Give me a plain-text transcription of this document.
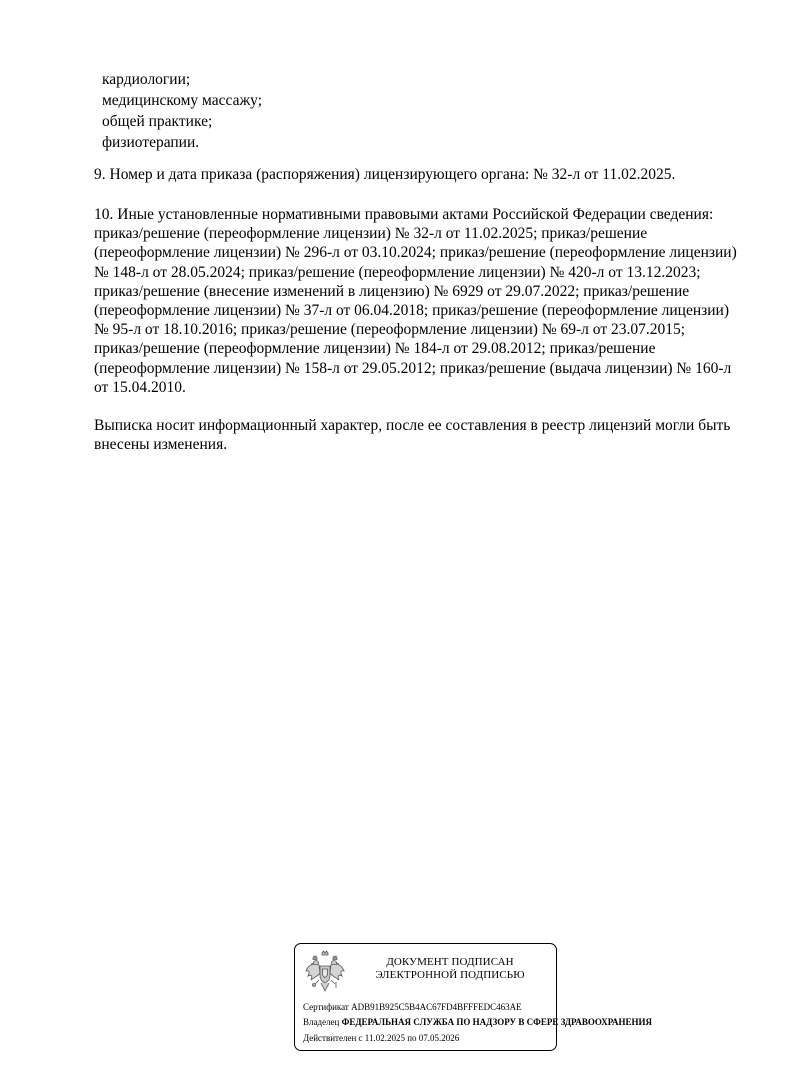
кардиологии;
медицинскому массажу;
общей практике;
физиотерапии.
9. Номер и дата приказа (распоряжения) лицензирующего органа: № 32-л от 11.02.2025.
10. Иные установленные нормативными правовыми актами Российской Федерации сведения:
приказ/решение (переоформление лицензии) № 32-л от 11.02.2025; приказ/решение
(переоформление лицензии) № 296-л от 03.10.2024; приказ/решение (переоформление лицензии)
№ 148-л от 28.05.2024; приказ/решение (переоформление лицензии) № 420-л от 13.12.2023;
приказ/решение (внесение изменений в лицензию) № 6929 от 29.07.2022; приказ/решение
(переоформление лицензии) № 37-л от 06.04.2018; приказ/решение (переоформление лицензии)
№ 95-л от 18.10.2016; приказ/решение (переоформление лицензии) № 69-л от 23.07.2015;
приказ/решение (переоформление лицензии) № 184-л от 29.08.2012; приказ/решение
(переоформление лицензии) № 158-л от 29.05.2012; приказ/решение (выдача лицензии) № 160-л
от 15.04.2010.
Выписка носит информационный характер, после ее составления в реестр лицензий могли быть
внесены изменения.
ДОКУМЕНТ ПОДПИСАН
ЭЛЕКТРОННОЙ ПОДПИСЬЮ
Сертификат ADB91B925C5B4AC67FD4BFFFEDC463AE
Владелец ФЕДЕРАЛЬНАЯ СЛУЖБА ПО НАДЗОРУ В СФЕРЕ ЗДРАВООХРАНЕНИЯ
Действителен с 11.02.2025 по 07.05.2026
